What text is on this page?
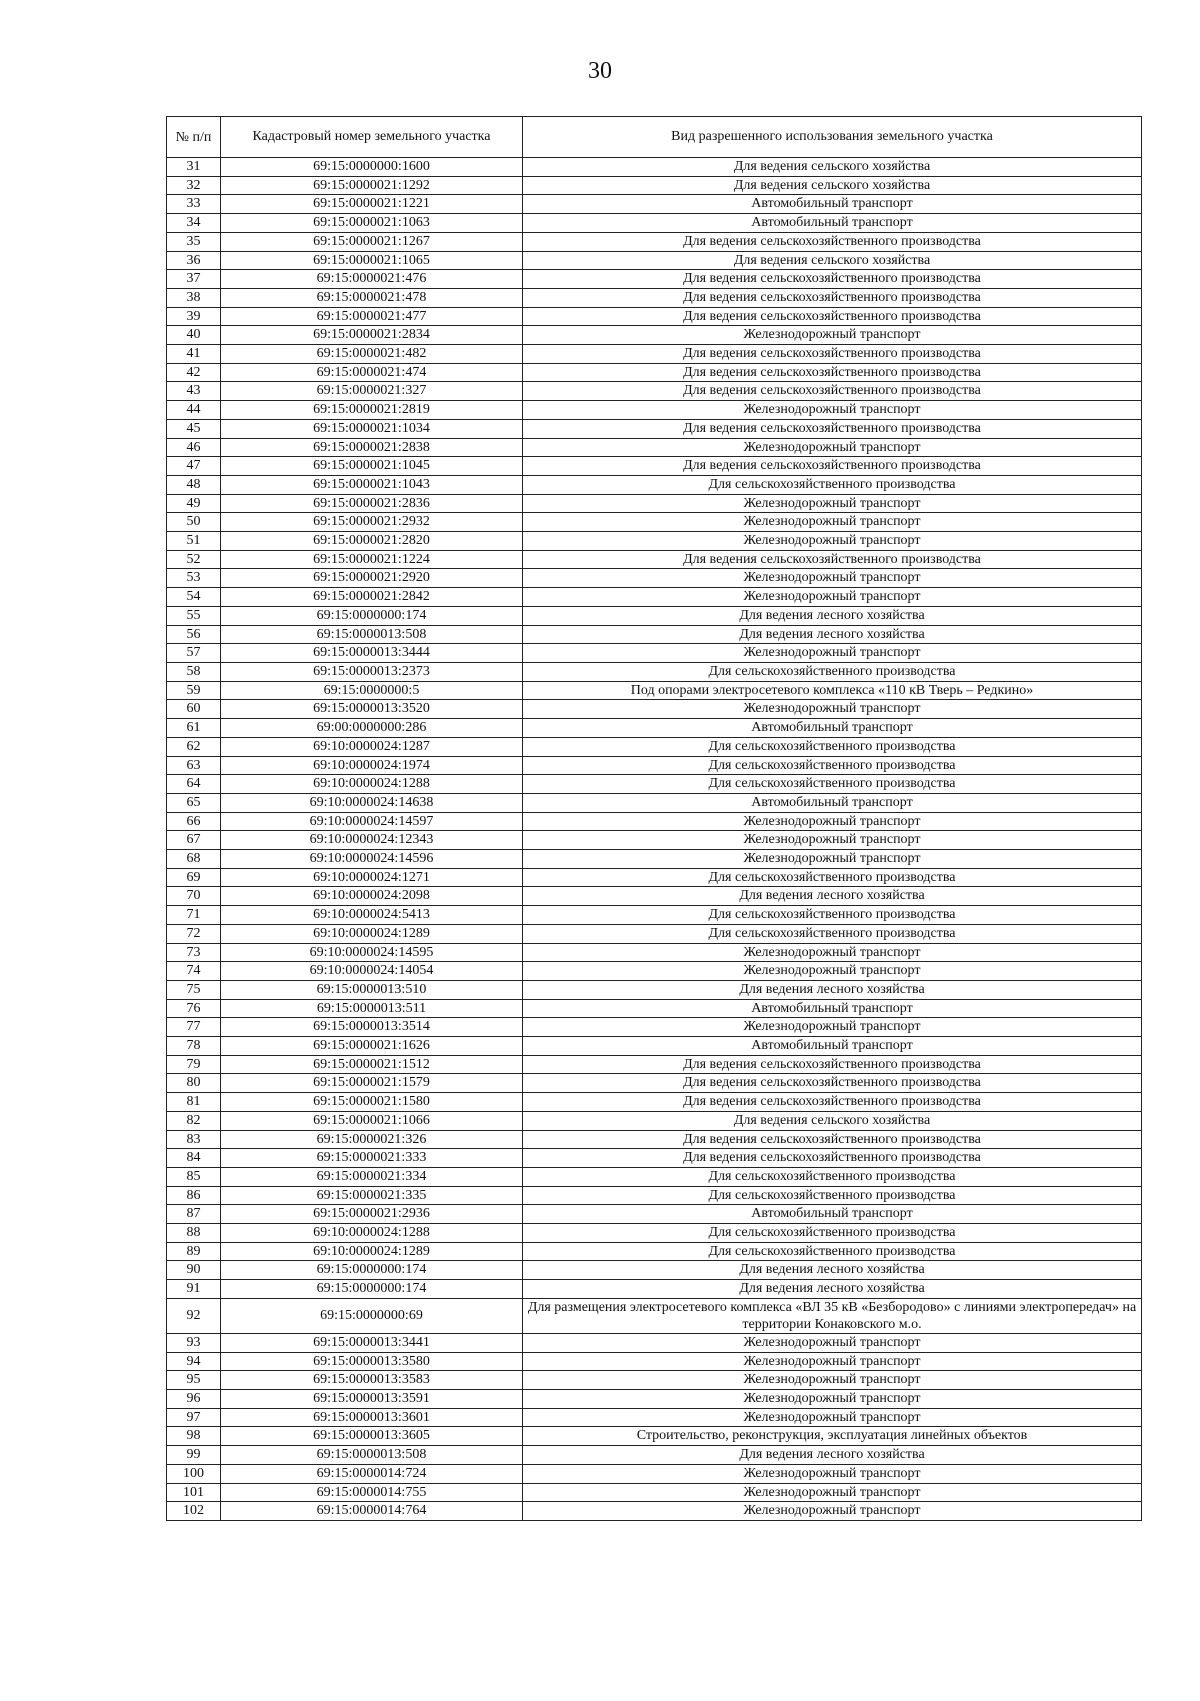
30
№ п/п	Кадастровый номер земельного участка	Вид разрешенного использования земельного участка
31	69:15:0000000:1600	Для ведения сельского хозяйства
32	69:15:0000021:1292	Для ведения сельского хозяйства
33	69:15:0000021:1221	Автомобильный транспорт
34	69:15:0000021:1063	Автомобильный транспорт
35	69:15:0000021:1267	Для ведения сельскохозяйственного производства
36	69:15:0000021:1065	Для ведения сельского хозяйства
37	69:15:0000021:476	Для ведения сельскохозяйственного производства
38	69:15:0000021:478	Для ведения сельскохозяйственного производства
39	69:15:0000021:477	Для ведения сельскохозяйственного производства
40	69:15:0000021:2834	Железнодорожный транспорт
41	69:15:0000021:482	Для ведения сельскохозяйственного производства
42	69:15:0000021:474	Для ведения сельскохозяйственного производства
43	69:15:0000021:327	Для ведения сельскохозяйственного производства
44	69:15:0000021:2819	Железнодорожный транспорт
45	69:15:0000021:1034	Для ведения сельскохозяйственного производства
46	69:15:0000021:2838	Железнодорожный транспорт
47	69:15:0000021:1045	Для ведения сельскохозяйственного производства
48	69:15:0000021:1043	Для сельскохозяйственного производства
49	69:15:0000021:2836	Железнодорожный транспорт
50	69:15:0000021:2932	Железнодорожный транспорт
51	69:15:0000021:2820	Железнодорожный транспорт
52	69:15:0000021:1224	Для ведения сельскохозяйственного производства
53	69:15:0000021:2920	Железнодорожный транспорт
54	69:15:0000021:2842	Железнодорожный транспорт
55	69:15:0000000:174	Для ведения лесного хозяйства
56	69:15:0000013:508	Для ведения лесного хозяйства
57	69:15:0000013:3444	Железнодорожный транспорт
58	69:15:0000013:2373	Для сельскохозяйственного производства
59	69:15:0000000:5	Под опорами электросетевого комплекса «110 кВ Тверь – Редкино»
60	69:15:0000013:3520	Железнодорожный транспорт
61	69:00:0000000:286	Автомобильный транспорт
62	69:10:0000024:1287	Для сельскохозяйственного производства
63	69:10:0000024:1974	Для сельскохозяйственного производства
64	69:10:0000024:1288	Для сельскохозяйственного производства
65	69:10:0000024:14638	Автомобильный транспорт
66	69:10:0000024:14597	Железнодорожный транспорт
67	69:10:0000024:12343	Железнодорожный транспорт
68	69:10:0000024:14596	Железнодорожный транспорт
69	69:10:0000024:1271	Для сельскохозяйственного производства
70	69:10:0000024:2098	Для ведения лесного хозяйства
71	69:10:0000024:5413	Для сельскохозяйственного производства
72	69:10:0000024:1289	Для сельскохозяйственного производства
73	69:10:0000024:14595	Железнодорожный транспорт
74	69:10:0000024:14054	Железнодорожный транспорт
75	69:15:0000013:510	Для ведения лесного хозяйства
76	69:15:0000013:511	Автомобильный транспорт
77	69:15:0000013:3514	Железнодорожный транспорт
78	69:15:0000021:1626	Автомобильный транспорт
79	69:15:0000021:1512	Для ведения сельскохозяйственного производства
80	69:15:0000021:1579	Для ведения сельскохозяйственного производства
81	69:15:0000021:1580	Для ведения сельскохозяйственного производства
82	69:15:0000021:1066	Для ведения сельского хозяйства
83	69:15:0000021:326	Для ведения сельскохозяйственного производства
84	69:15:0000021:333	Для ведения сельскохозяйственного производства
85	69:15:0000021:334	Для сельскохозяйственного производства
86	69:15:0000021:335	Для сельскохозяйственного производства
87	69:15:0000021:2936	Автомобильный транспорт
88	69:10:0000024:1288	Для сельскохозяйственного производства
89	69:10:0000024:1289	Для сельскохозяйственного производства
90	69:15:0000000:174	Для ведения лесного хозяйства
91	69:15:0000000:174	Для ведения лесного хозяйства
92	69:15:0000000:69	Для размещения электросетевого комплекса «ВЛ 35 кВ «Безбородово» с линиями электропередач» на территории Конаковского м.о.
93	69:15:0000013:3441	Железнодорожный транспорт
94	69:15:0000013:3580	Железнодорожный транспорт
95	69:15:0000013:3583	Железнодорожный транспорт
96	69:15:0000013:3591	Железнодорожный транспорт
97	69:15:0000013:3601	Железнодорожный транспорт
98	69:15:0000013:3605	Строительство, реконструкция, эксплуатация линейных объектов
99	69:15:0000013:508	Для ведения лесного хозяйства
100	69:15:0000014:724	Железнодорожный транспорт
101	69:15:0000014:755	Железнодорожный транспорт
102	69:15:0000014:764	Железнодорожный транспорт
